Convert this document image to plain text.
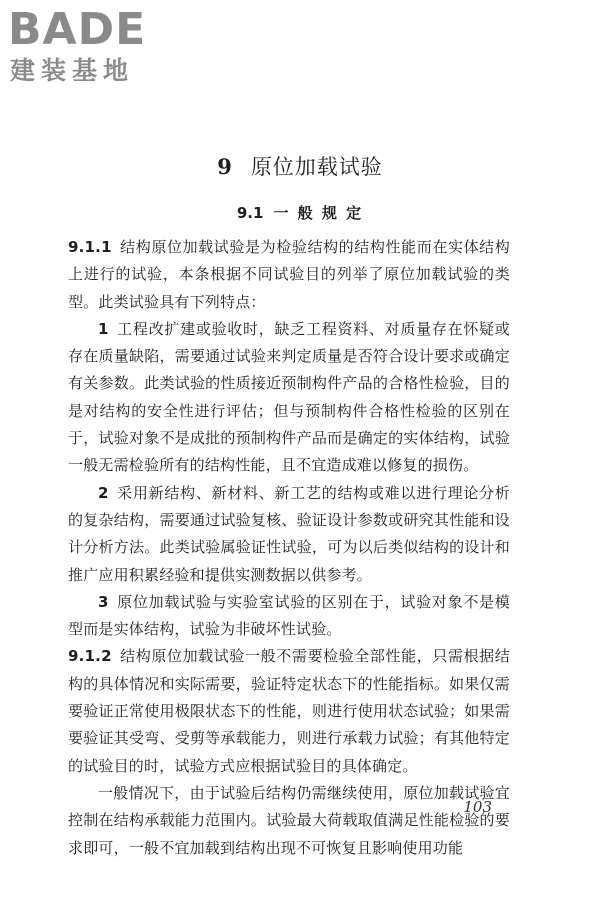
BADE
建装基地
9 原位加载试验
9.1 一 般 规 定

9.1.1 结构原位加载试验是为检验结构的结构性能而在实体结构上进行的试验，本条根据不同试验目的列举了原位加载试验的类型。此类试验具有下列特点：

1 工程改扩建或验收时，缺乏工程资料、对质量存在怀疑或存在质量缺陷，需要通过试验来判定质量是否符合设计要求或确定有关参数。此类试验的性质接近预制构件产品的合格性检验，目的是对结构的安全性进行评估；但与预制构件合格性检验的区别在于，试验对象不是成批的预制构件产品而是确定的实体结构，试验一般无需检验所有的结构性能，且不宜造成难以修复的损伤。

2 采用新结构、新材料、新工艺的结构或难以进行理论分析的复杂结构，需要通过试验复核、验证设计参数或研究其性能和设计分析方法。此类试验属验证性试验，可为以后类似结构的设计和推广应用积累经验和提供实测数据以供参考。

3 原位加载试验与实验室试验的区别在于，试验对象不是模型而是实体结构，试验为非破坏性试验。

9.1.2 结构原位加载试验一般不需要检验全部性能，只需根据结构的具体情况和实际需要，验证特定状态下的性能指标。如果仅需要验证正常使用极限状态下的性能，则进行使用状态试验；如果需要验证其受弯、受剪等承载能力，则进行承载力试验；有其他特定的试验目的时，试验方式应根据试验目的具体确定。

一般情况下，由于试验后结构仍需继续使用，原位加载试验宜控制在结构承载能力范围内。试验最大荷载取值满足性能检验的要求即可，一般不宜加载到结构出现不可恢复且影响使用功能

103
